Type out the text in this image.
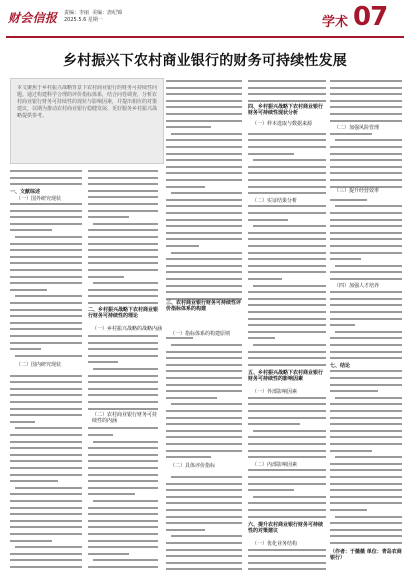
财会信报 责编：李丽  美编：唐纪锦
2025.5.6 星期一	学术 07
乡村振兴下农村商业银行的财务可持续性发展
本文聚焦于乡村振兴战略背景下农村商业银行的财务可持续性问题。通过构建科学合理的评价指标体系，结合问卷调查，分析农村商业银行财务可持续性的现状与影响因素，并提出相应的对策建议，以期为推动农村商业银行稳健发展、更好服务乡村振兴战略提供参考。
一、文献综述
（一）国外研究现状
（二）国内研究现状
二、乡村振兴战略下农村商业银行财务可持续性的理论
（一）乡村振兴战略的战略内涵
（二）农村商业银行财务可持续性的内涵
三、农村商业银行财务可持续性评价指标体系的构建
（一）指标体系的构建原则
（二）具体评价指标
四、乡村振兴战略下农村商业银行财务可持续性现状分析
（一）样本选取与数据来源
（二）实证结果分析
五、乡村振兴战略下农村商业银行财务可持续性的影响因素
（一）外部影响因素
（二）内部影响因素
六、提升农村商业银行财务可持续性的对策建议
（一）优化业务结构
（二）加强风险管理
（三）提升经营效率
（四）加强人才培养
七、结论
（作者：于薇薇 单位：青岛农商银行）
